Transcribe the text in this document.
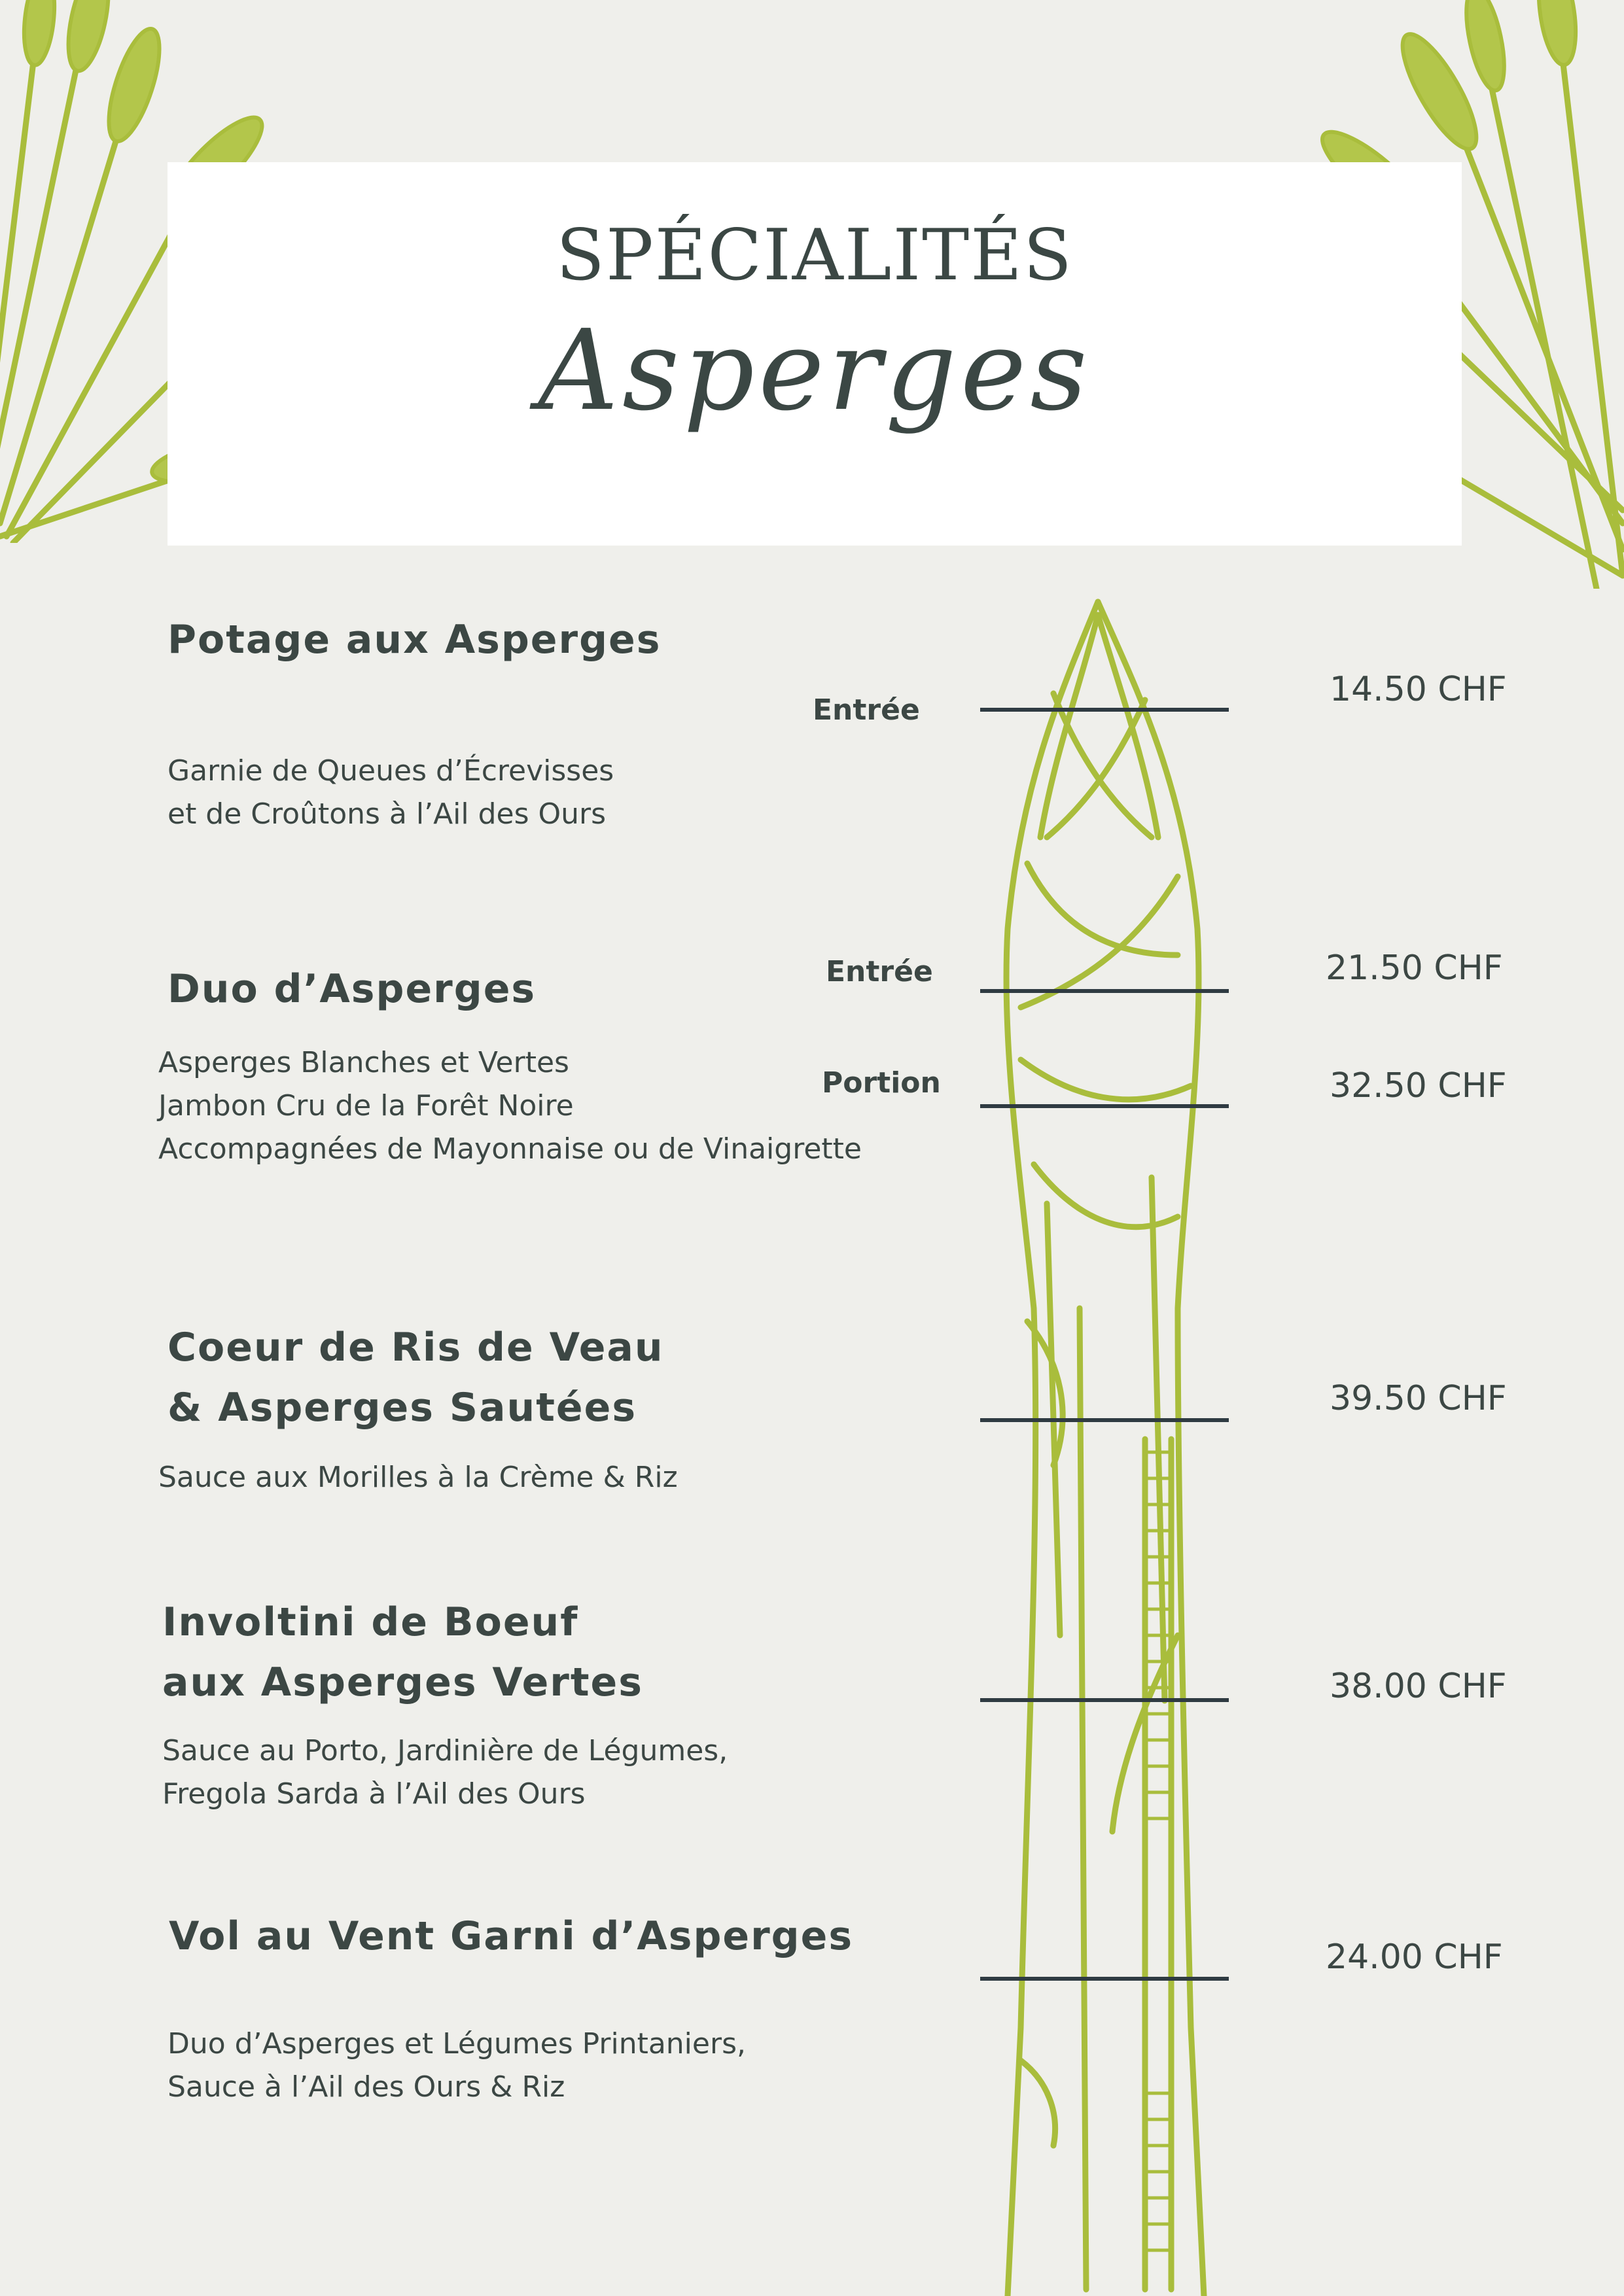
SPÉCIALITÉS
Asperges
Potage aux Asperges
Garnie de Queues d’Écrevisses
et de Croûtons à l’Ail des Ours
Entrée
14.50 CHF
Duo d’Asperges
Asperges Blanches et Vertes
Jambon Cru de la Forêt Noire
Accompagnées de Mayonnaise ou de Vinaigrette
Entrée	21.50 CHF
Portion	32.50 CHF
Coeur de Ris de Veau
& Asperges Sautées
Sauce aux Morilles à la Crème & Riz
39.50 CHF
Involtini de Boeuf
aux Asperges Vertes
Sauce au Porto, Jardinière de Légumes,
Fregola Sarda à l’Ail des Ours
38.00 CHF
Vol au Vent Garni d’Asperges
Duo d’Asperges et Légumes Printaniers,
Sauce à l’Ail des Ours & Riz
24.00 CHF
